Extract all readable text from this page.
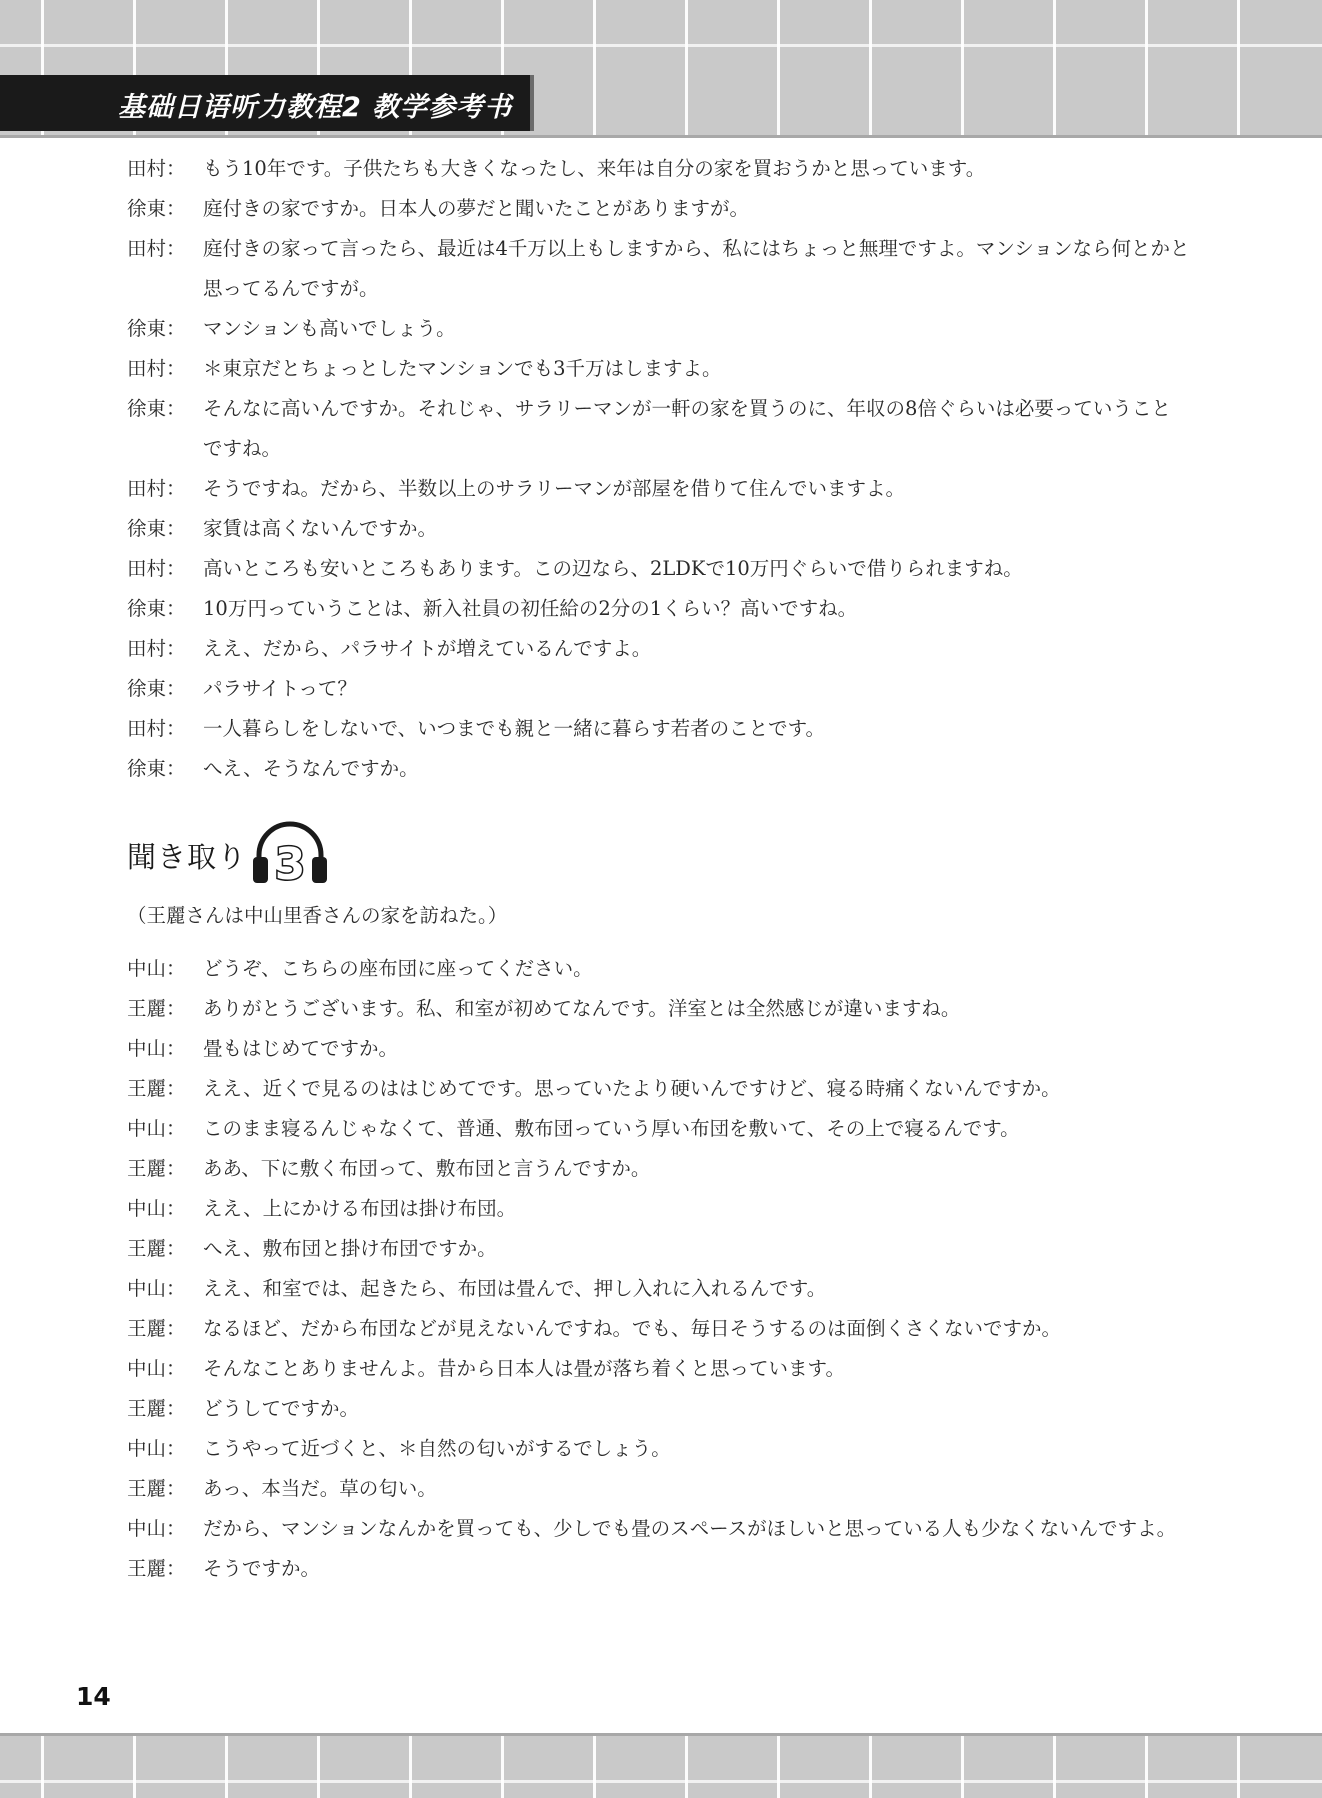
基础日语听力教程2 教学参考书
田村： もう10年です。子供たちも大きくなったし、来年は自分の家を買おうかと思っています。
徐東： 庭付きの家ですか。日本人の夢だと聞いたことがありますが。
田村： 庭付きの家って言ったら、最近は4千万以上もしますから、私にはちょっと無理ですよ。マンションなら何とかと
思ってるんですが。
徐東： マンションも高いでしょう。
田村： ＊東京だとちょっとしたマンションでも3千万はしますよ。
徐東： そんなに高いんですか。それじゃ、サラリーマンが一軒の家を買うのに、年収の8倍ぐらいは必要っていうこと
ですね。
田村： そうですね。だから、半数以上のサラリーマンが部屋を借りて住んでいますよ。
徐東： 家賃は高くないんですか。
田村： 高いところも安いところもあります。この辺なら、2LDKで10万円ぐらいで借りられますね。
徐東： 10万円っていうことは、新入社員の初任給の2分の1くらい？高いですね。
田村： ええ、だから、パラサイトが増えているんですよ。
徐東： パラサイトって？
田村： 一人暮らしをしないで、いつまでも親と一緒に暮らす若者のことです。
徐東： へえ、そうなんですか。
聞き取り 3
（王麗さんは中山里香さんの家を訪ねた。）
中山： どうぞ、こちらの座布団に座ってください。
王麗： ありがとうございます。私、和室が初めてなんです。洋室とは全然感じが違いますね。
中山： 畳もはじめてですか。
王麗： ええ、近くで見るのははじめてです。思っていたより硬いんですけど、寝る時痛くないんですか。
中山： このまま寝るんじゃなくて、普通、敷布団っていう厚い布団を敷いて、その上で寝るんです。
王麗： ああ、下に敷く布団って、敷布団と言うんですか。
中山： ええ、上にかける布団は掛け布団。
王麗： へえ、敷布団と掛け布団ですか。
中山： ええ、和室では、起きたら、布団は畳んで、押し入れに入れるんです。
王麗： なるほど、だから布団などが見えないんですね。でも、毎日そうするのは面倒くさくないですか。
中山： そんなことありませんよ。昔から日本人は畳が落ち着くと思っています。
王麗： どうしてですか。
中山： こうやって近づくと、＊自然の匂いがするでしょう。
王麗： あっ、本当だ。草の匂い。
中山： だから、マンションなんかを買っても、少しでも畳のスペースがほしいと思っている人も少なくないんですよ。
王麗： そうですか。
14
